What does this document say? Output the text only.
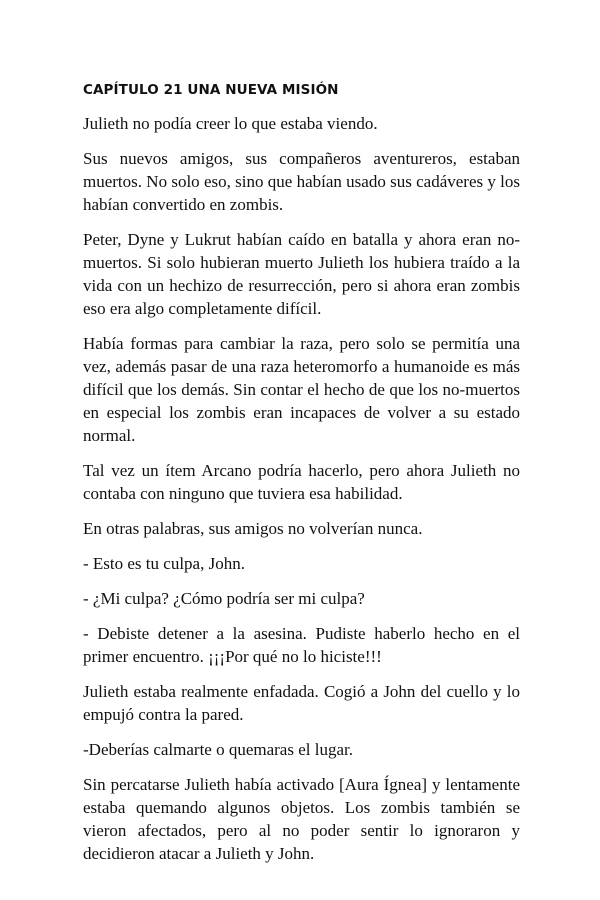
CAPÍTULO 21 UNA NUEVA MISIÓN

Julieth no podía creer lo que estaba viendo.

Sus nuevos amigos, sus compañeros aventureros, estaban muertos. No solo eso, sino que habían usado sus cadáveres y los habían convertido en zombis.

Peter, Dyne y Lukrut habían caído en batalla y ahora eran no-muertos. Si solo hubieran muerto Julieth los hubiera traído a la vida con un hechizo de resurrección, pero si ahora eran zombis eso era algo completamente difícil.

Había formas para cambiar la raza, pero solo se permitía una vez, además pasar de una raza heteromorfo a humanoide es más difícil que los demás. Sin contar el hecho de que los no-muertos en especial los zombis eran incapaces de volver a su estado normal.

Tal vez un ítem Arcano podría hacerlo, pero ahora Julieth no contaba con ninguno que tuviera esa habilidad.

En otras palabras, sus amigos no volverían nunca.

- Esto es tu culpa, John.

- ¿Mi culpa? ¿Cómo podría ser mi culpa?

- Debiste detener a la asesina. Pudiste haberlo hecho en el primer encuentro. ¡¡¡Por qué no lo hiciste!!!

Julieth estaba realmente enfadada. Cogió a John del cuello y lo empujó contra la pared.

-Deberías calmarte o quemaras el lugar.

Sin percatarse Julieth había activado [Aura Ígnea] y lentamente estaba quemando algunos objetos. Los zombis también se vieron afectados, pero al no poder sentir lo ignoraron y decidieron atacar a Julieth y John.
